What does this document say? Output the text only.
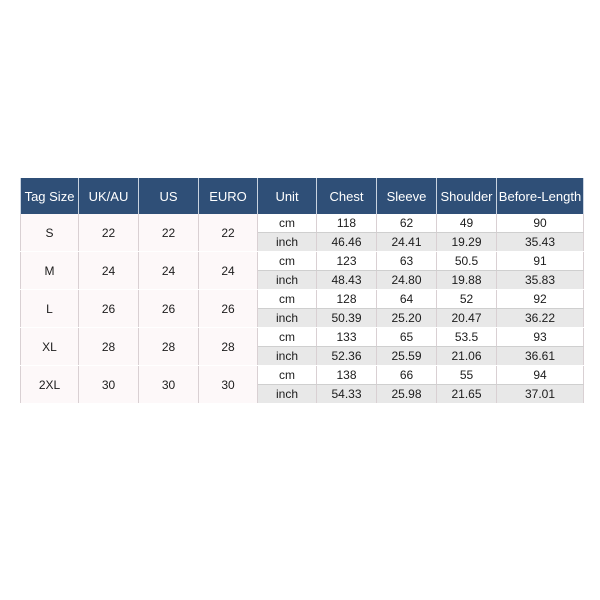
Tag Size	UK/AU	US	EURO	Unit	Chest	Sleeve	Shoulder	Before-Length
S	22	22	22	cm	118	62	49	90
				inch	46.46	24.41	19.29	35.43
M	24	24	24	cm	123	63	50.5	91
				inch	48.43	24.80	19.88	35.83
L	26	26	26	cm	128	64	52	92
				inch	50.39	25.20	20.47	36.22
XL	28	28	28	cm	133	65	53.5	93
				inch	52.36	25.59	21.06	36.61
2XL	30	30	30	cm	138	66	55	94
				inch	54.33	25.98	21.65	37.01
